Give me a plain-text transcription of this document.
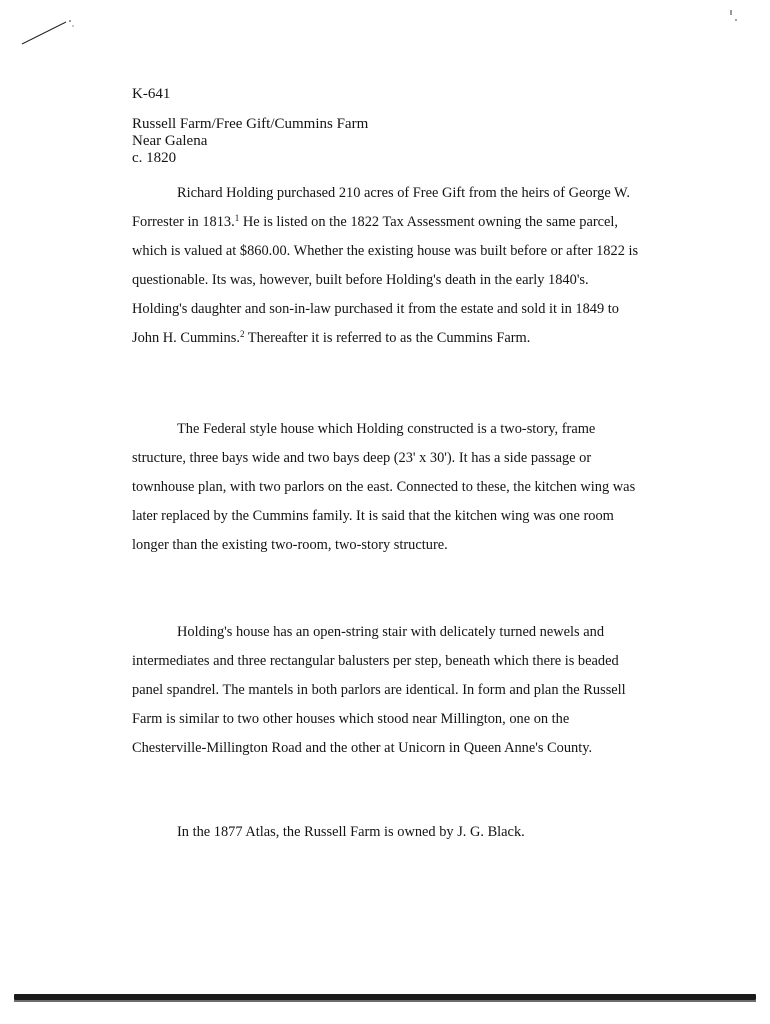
K-641
Russell Farm/Free Gift/Cummins Farm
Near Galena
c. 1820

Richard Holding purchased 210 acres of Free Gift from the heirs of George W. Forrester in 1813.$^1$ He is listed on the 1822 Tax Assessment owning the same parcel, which is valued at $860.00. Whether the existing house was built before or after 1822 is questionable. Its was, however, built before Holding's death in the early 1840's. Holding's daughter and son-in-law purchased it from the estate and sold it in 1849 to John H. Cummins.$^2$ Thereafter it is referred to as the Cummins Farm.

The Federal style house which Holding constructed is a two-story, frame structure, three bays wide and two bays deep (23' x 30'). It has a side passage or townhouse plan, with two parlors on the east. Connected to these, the kitchen wing was later replaced by the Cummins family. It is said that the kitchen wing was one room longer than the existing two-room, two-story structure.

Holding's house has an open-string stair with delicately turned newels and intermediates and three rectangular balusters per step, beneath which there is beaded panel spandrel. The mantels in both parlors are identical. In form and plan the Russell Farm is similar to two other houses which stood near Millington, one on the Chesterville-Millington Road and the other at Unicorn in Queen Anne's County.

In the 1877 Atlas, the Russell Farm is owned by J. G. Black.
